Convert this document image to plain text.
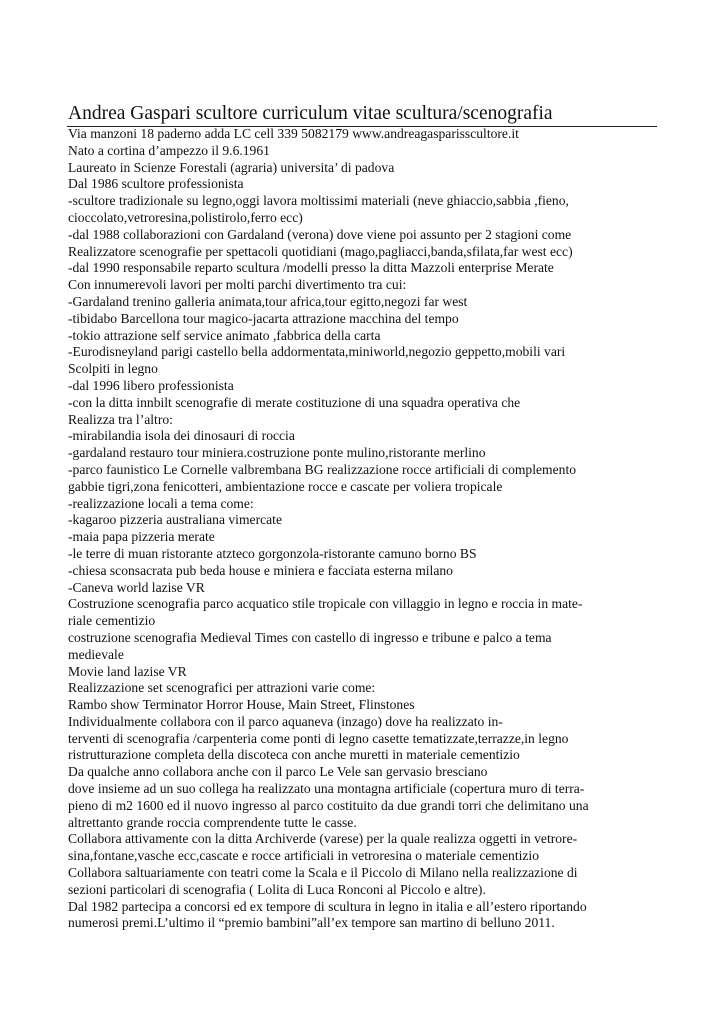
Andrea Gaspari scultore curriculum vitae scultura/scenografia
Via manzoni 18 paderno adda LC cell 339 5082179 www.andreagasparisscultore.it
Nato a cortina d’ampezzo il 9.6.1961
Laureato in Scienze Forestali (agraria) universita’ di padova
Dal 1986 scultore professionista
-scultore tradizionale su legno,oggi lavora moltissimi materiali (neve ghiaccio,sabbia ,fieno,
cioccolato,vetroresina,polistirolo,ferro ecc)
-dal 1988 collaborazioni con Gardaland (verona) dove viene poi assunto per 2 stagioni come
Realizzatore scenografie per spettacoli quotidiani (mago,pagliacci,banda,sfilata,far west ecc)
-dal 1990 responsabile reparto scultura /modelli presso la ditta Mazzoli enterprise Merate
Con innumerevoli lavori per molti parchi divertimento tra cui:
-Gardaland trenino galleria animata,tour africa,tour egitto,negozi far west
-tibidabo Barcellona tour magico-jacarta attrazione macchina del tempo
-tokio attrazione self service animato ,fabbrica della carta
-Eurodisneyland parigi castello bella addormentata,miniworld,negozio geppetto,mobili vari
Scolpiti in legno
-dal 1996 libero professionista
-con la ditta innbilt scenografie di merate costituzione di una squadra operativa che
Realizza tra l’altro:
-mirabilandia isola dei dinosauri di roccia
-gardaland restauro tour miniera.costruzione ponte mulino,ristorante merlino
-parco faunistico Le Cornelle valbrembana BG realizzazione rocce artificiali di complemento
gabbie tigri,zona fenicotteri, ambientazione rocce e cascate per voliera tropicale
-realizzazione locali a tema come:
-kagaroo pizzeria australiana vimercate
-maia papa pizzeria merate
-le terre di muan ristorante atzteco gorgonzola-ristorante camuno borno BS
-chiesa sconsacrata pub beda house e miniera e facciata esterna milano
-Caneva world lazise VR
Costruzione scenografia parco acquatico stile tropicale con villaggio in legno e roccia in mate-
riale cementizio
costruzione scenografia Medieval Times con castello di ingresso e tribune e palco a tema
medievale
Movie land lazise VR
Realizzazione set scenografici per attrazioni varie come:
Rambo show Terminator Horror House, Main Street, Flinstones
Individualmente collabora con il parco aquaneva (inzago) dove ha realizzato in-
terventi di scenografia /carpenteria come ponti di legno casette tematizzate,terrazze,in legno
ristrutturazione completa della discoteca con anche muretti in materiale cementizio
Da qualche anno collabora anche con il parco Le Vele san gervasio bresciano
dove insieme ad un suo collega ha realizzato una montagna artificiale (copertura muro di terra-
pieno di m2 1600 ed il nuovo ingresso al parco costituito da due grandi torri che delimitano una
altrettanto grande roccia comprendente tutte le casse.
Collabora attivamente con la ditta Archiverde (varese) per la quale realizza oggetti in vetrore-
sina,fontane,vasche ecc,cascate e rocce artificiali in vetroresina o materiale cementizio
Collabora saltuariamente con teatri come la Scala e il Piccolo di Milano nella realizzazione di
sezioni particolari di scenografia ( Lolita di Luca Ronconi al Piccolo e altre).
Dal 1982 partecipa a concorsi ed ex tempore di scultura in legno in italia e all’estero riportando
numerosi premi.L’ultimo il “premio bambini”all’ex tempore san martino di belluno 2011.
